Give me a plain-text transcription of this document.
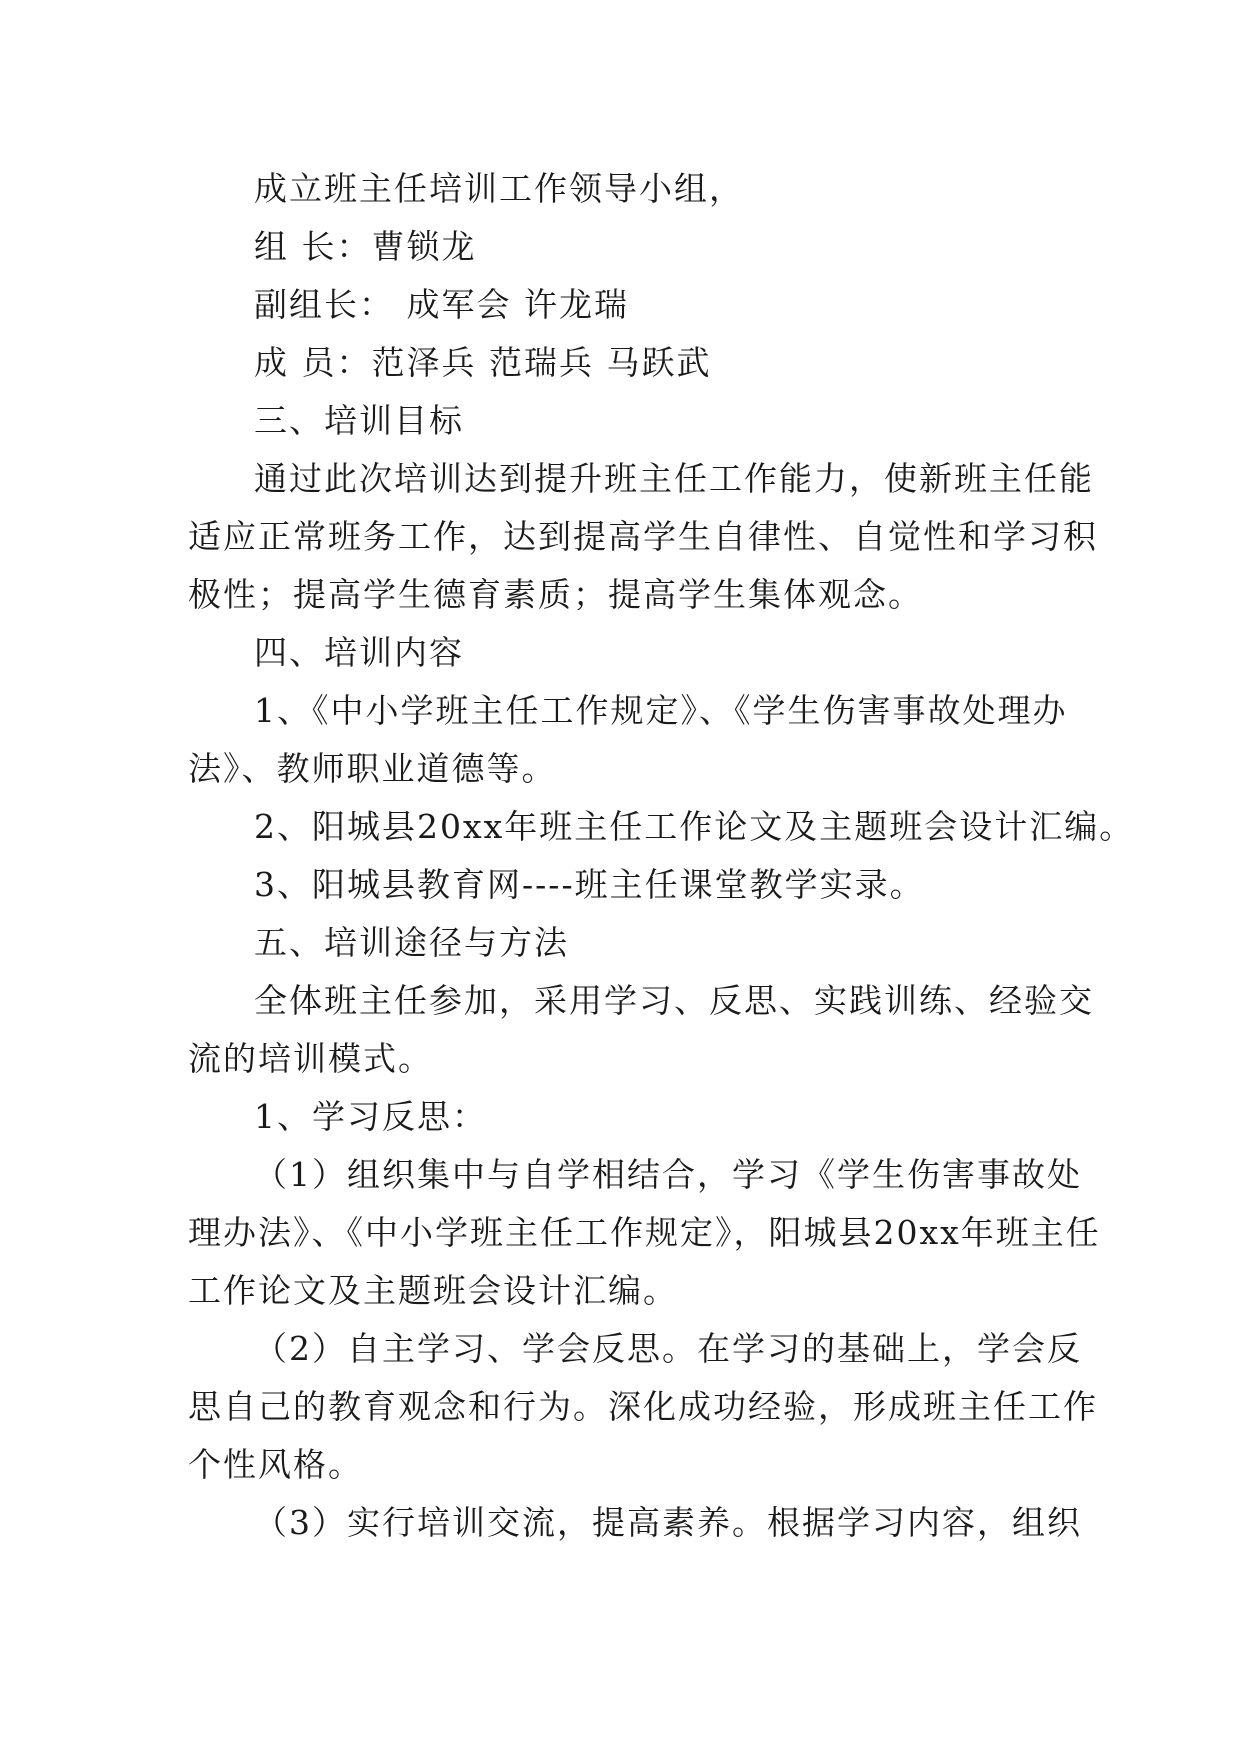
成立班主任培训工作领导小组，
组 长：曹锁龙
副组长： 成军会 许龙瑞
成 员：范泽兵 范瑞兵 马跃武
三、培训目标
通过此次培训达到提升班主任工作能力，使新班主任能
适应正常班务工作，达到提高学生自律性、自觉性和学习积
极性；提高学生德育素质；提高学生集体观念。
四、培训内容
1、《中小学班主任工作规定》、《学生伤害事故处理办
法》、教师职业道德等。
2、阳城县20xx年班主任工作论文及主题班会设计汇编。
3、阳城县教育网----班主任课堂教学实录。
五、培训途径与方法
全体班主任参加，采用学习、反思、实践训练、经验交
流的培训模式。
1、学习反思：
（1）组织集中与自学相结合，学习《学生伤害事故处
理办法》、《中小学班主任工作规定》，阳城县20xx年班主任
工作论文及主题班会设计汇编。
（2）自主学习、学会反思。在学习的基础上，学会反
思自己的教育观念和行为。深化成功经验，形成班主任工作
个性风格。
（3）实行培训交流，提高素养。根据学习内容，组织
